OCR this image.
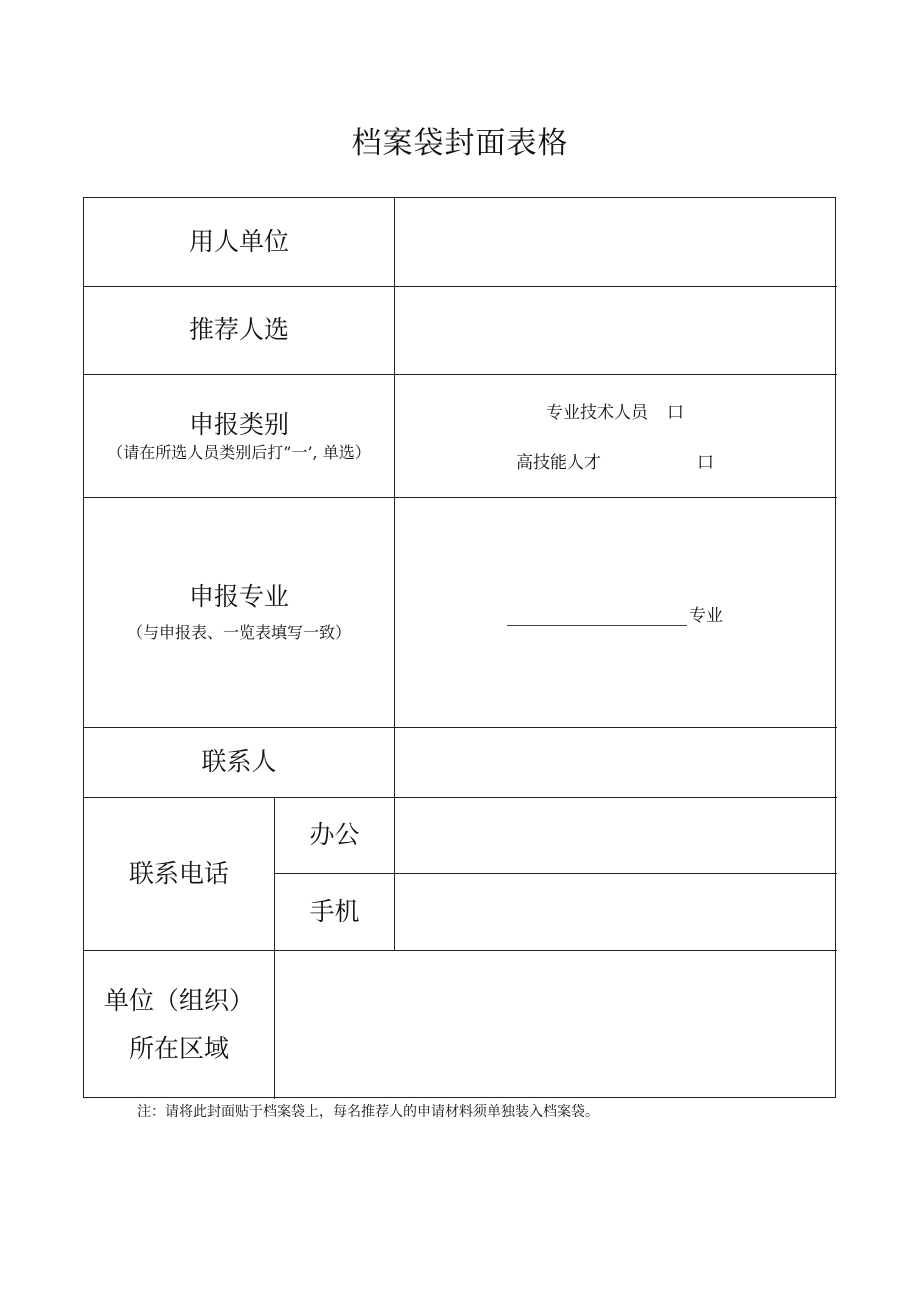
档案袋封面表格
用人单位
推荐人选
申报类别
（请在所选人员类别后打”一’, 单选）
专业技术人员 口
高技能人才	口
申报专业
（与申报表、一览表填写一致）
专业
联系人
联系电话
办公
手机
单位（组织）
所在区域
注：请将此封面贴于档案袋上，每名推荐人的申请材料须单独装入档案袋。
